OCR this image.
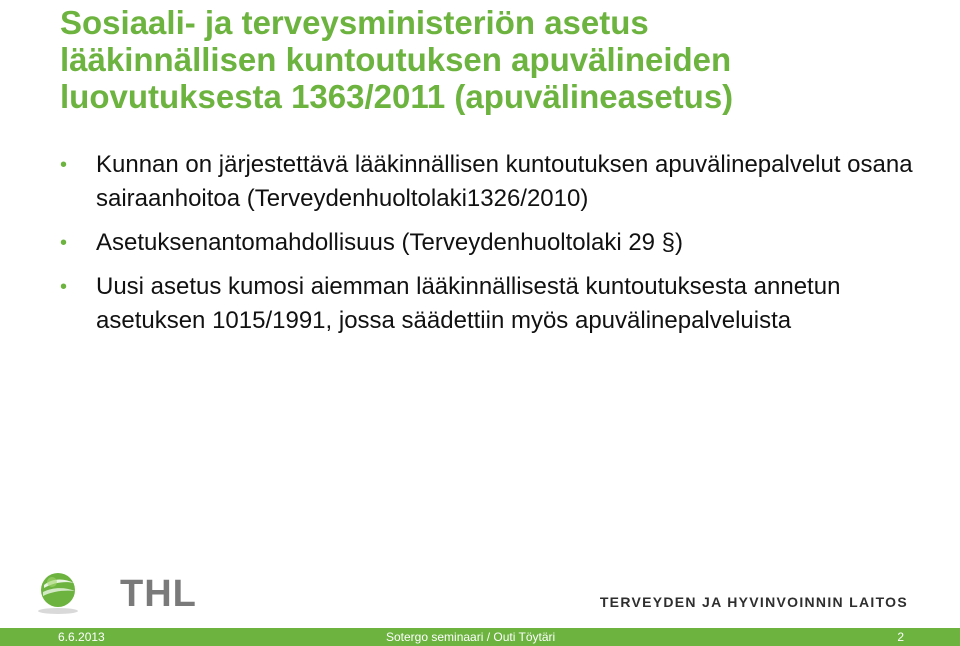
Sosiaali- ja terveysministeriön asetus
lääkinnällisen kuntoutuksen apuvälineiden
luovutuksesta 1363/2011 (apuvälineasetus)
• Kunnan on järjestettävä lääkinnällisen kuntoutuksen apuvälinepalvelut osana sairaanhoitoa (Terveydenhuoltolaki1326/2010)
• Asetuksenantomahdollisuus (Terveydenhuoltolaki 29 §)
• Uusi asetus kumosi aiemman lääkinnällisestä kuntoutuksesta annetun asetuksen 1015/1991, jossa säädettiin myös apuvälinepalveluista
THL	TERVEYDEN JA HYVINVOINNIN LAITOS
6.6.2013	Sotergo seminaari / Outi Töytäri	2
